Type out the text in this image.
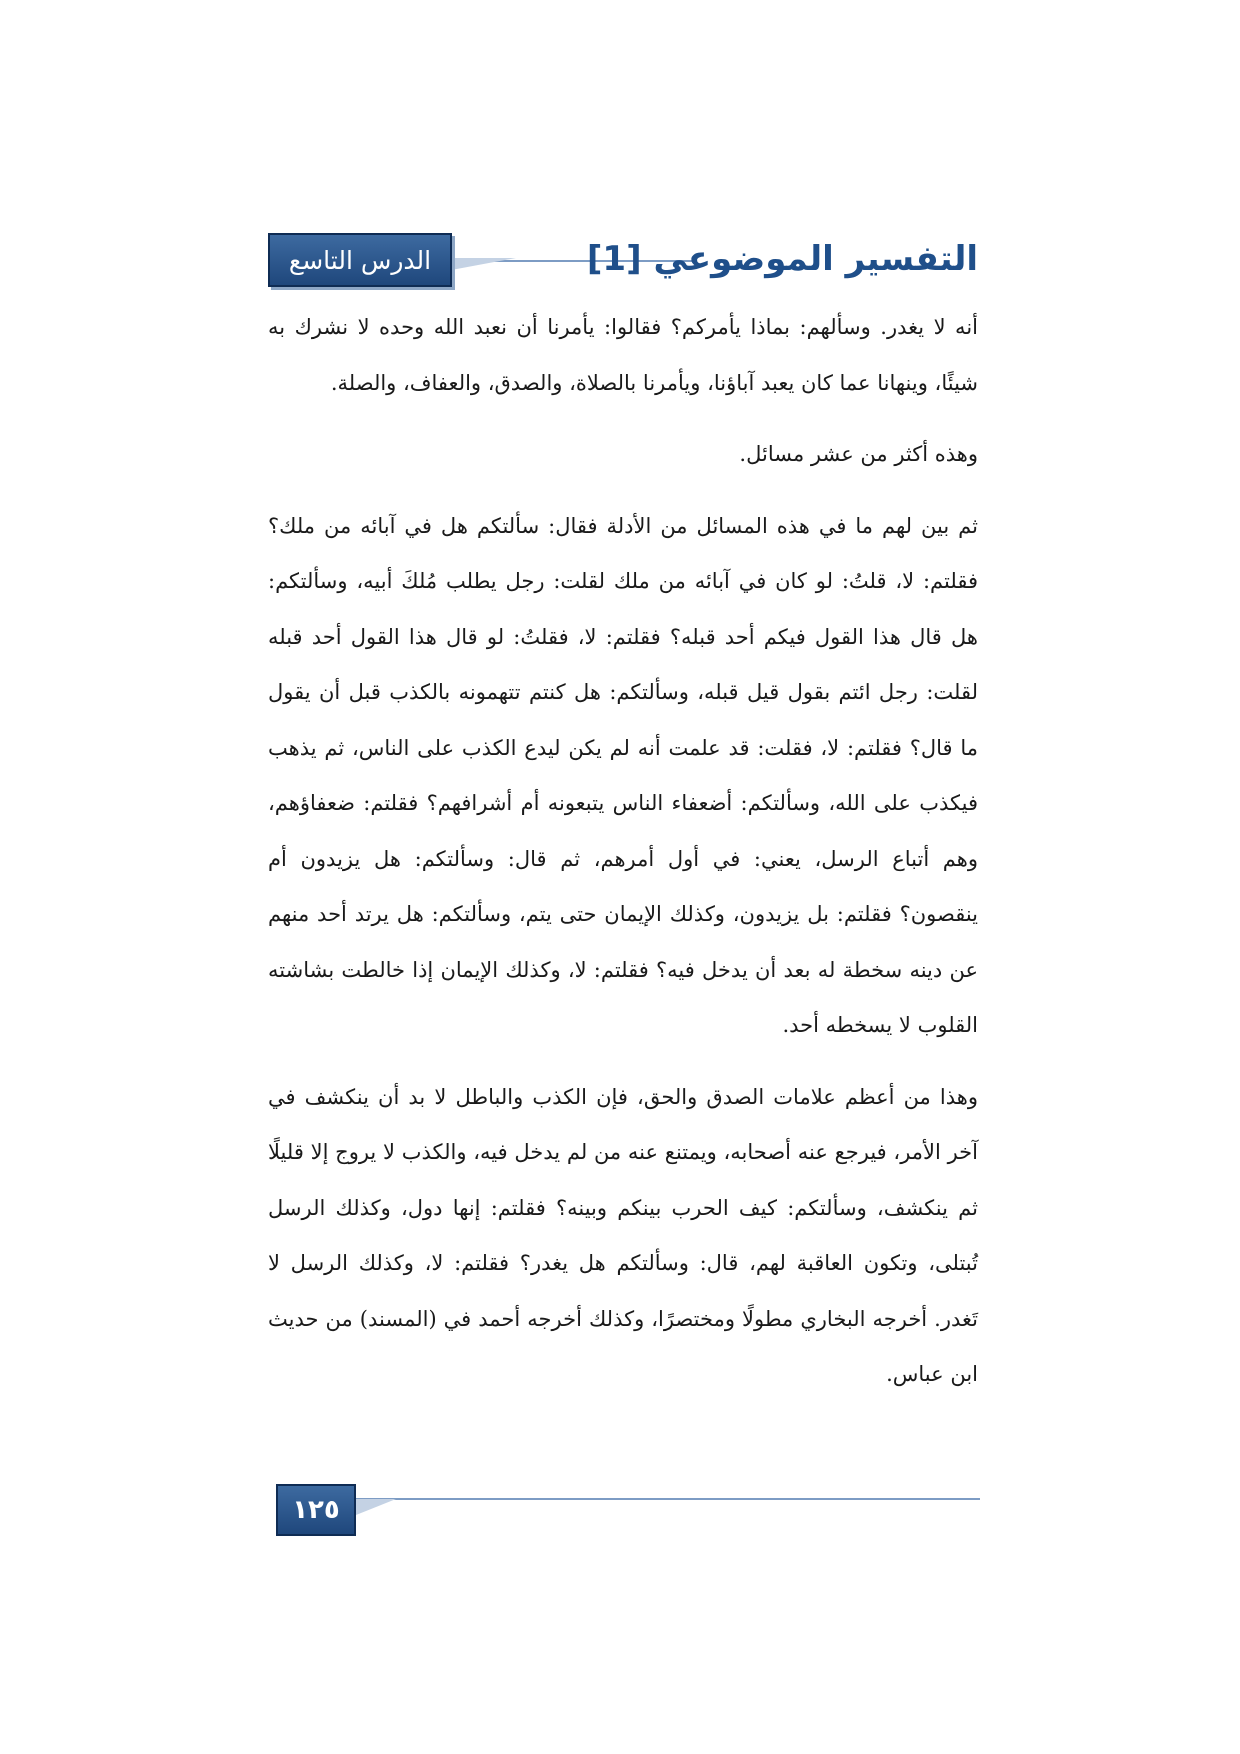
الدرس التاسع	التفسير الموضوعي [1]

أنه لا يغدر. وسألهم: بماذا يأمركم؟ فقالوا: يأمرنا أن نعبد الله وحده لا نشرك به شيئًا، وينهانا عما كان يعبد آباؤنا، ويأمرنا بالصلاة، والصدق، والعفاف، والصلة.

وهذه أكثر من عشر مسائل.

ثم بين لهم ما في هذه المسائل من الأدلة فقال: سألتكم هل في آبائه من ملك؟ فقلتم: لا، قلتُ: لو كان في آبائه من ملك لقلت: رجل يطلب مُلكَ أبيه، وسألتكم: هل قال هذا القول فيكم أحد قبله؟ فقلتم: لا، فقلتُ: لو قال هذا القول أحد قبله لقلت: رجل ائتم بقول قيل قبله، وسألتكم: هل كنتم تتهمونه بالكذب قبل أن يقول ما قال؟ فقلتم: لا، فقلت: قد علمت أنه لم يكن ليدع الكذب على الناس، ثم يذهب فيكذب على الله، وسألتكم: أضعفاء الناس يتبعونه أم أشرافهم؟ فقلتم: ضعفاؤهم، وهم أتباع الرسل، يعني: في أول أمرهم، ثم قال: وسألتكم: هل يزيدون أم ينقصون؟ فقلتم: بل يزيدون، وكذلك الإيمان حتى يتم، وسألتكم: هل يرتد أحد منهم عن دينه سخطة له بعد أن يدخل فيه؟ فقلتم: لا، وكذلك الإيمان إذا خالطت بشاشته القلوب لا يسخطه أحد.

وهذا من أعظم علامات الصدق والحق، فإن الكذب والباطل لا بد أن ينكشف في آخر الأمر، فيرجع عنه أصحابه، ويمتنع عنه من لم يدخل فيه، والكذب لا يروج إلا قليلًا ثم ينكشف، وسألتكم: كيف الحرب بينكم وبينه؟ فقلتم: إنها دول، وكذلك الرسل تُبتلى، وتكون العاقبة لهم، قال: وسألتكم هل يغدر؟ فقلتم: لا، وكذلك الرسل لا تَغدر. أخرجه البخاري مطولًا ومختصرًا، وكذلك أخرجه أحمد في (المسند) من حديث ابن عباس.

١٢٥
